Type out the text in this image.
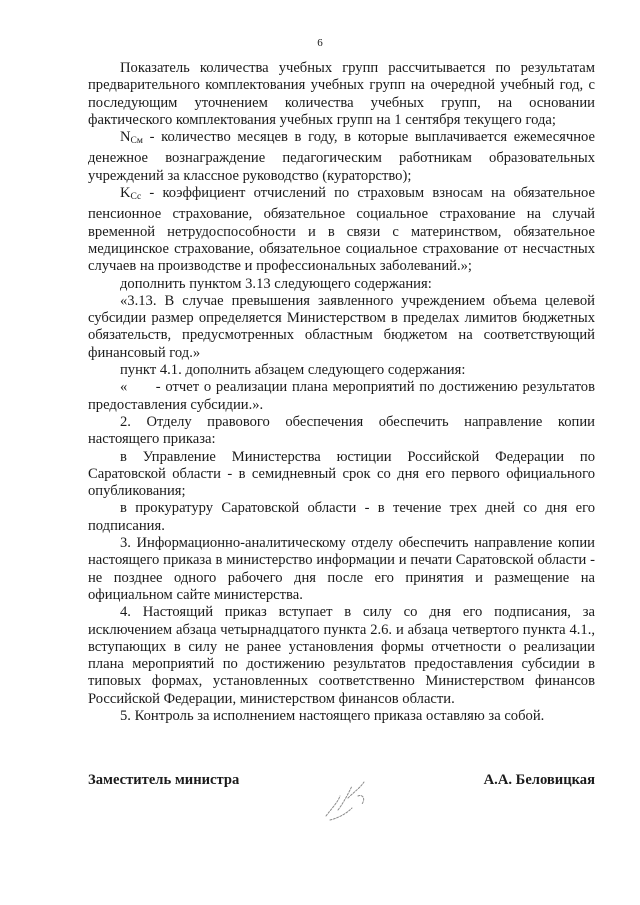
6

Показатель количества учебных групп рассчитывается по результатам предварительного комплектования учебных групп на очередной учебный год, с последующим уточнением количества учебных групп, на основании фактического комплектования учебных групп на 1 сентября текущего года;

$N_{См}$ - количество месяцев в году, в которые выплачивается ежемесячное денежное вознаграждение педагогическим работникам образовательных учреждений за классное руководство (кураторство);

$K_{Сс}$ - коэффициент отчислений по страховым взносам на обязательное пенсионное страхование, обязательное социальное страхование на случай временной нетрудоспособности и в связи с материнством, обязательное медицинское страхование, обязательное социальное страхование от несчастных случаев на производстве и профессиональных заболеваний.»;

дополнить пунктом 3.13 следующего содержания:

«3.13. В случае превышения заявленного учреждением объема целевой субсидии размер определяется Министерством в пределах лимитов бюджетных обязательств, предусмотренных областным бюджетом на соответствующий финансовый год.»

пункт 4.1. дополнить абзацем следующего содержания:

«      - отчет о реализации плана мероприятий по достижению результатов предоставления субсидии.».

2. Отделу правового обеспечения обеспечить направление копии настоящего приказа:

в Управление Министерства юстиции Российской Федерации по Саратовской области - в семидневный срок со дня его первого официального опубликования;

в прокуратуру Саратовской области - в течение трех дней со дня его подписания.

3. Информационно-аналитическому отделу обеспечить направление копии настоящего приказа в министерство информации и печати Саратовской области - не позднее одного рабочего дня после его принятия и размещение на официальном сайте министерства.

4. Настоящий приказ вступает в силу со дня его подписания, за исключением абзаца четырнадцатого пункта 2.6. и абзаца четвертого пункта 4.1., вступающих в силу не ранее установления формы отчетности о реализации плана мероприятий по достижению результатов предоставления субсидии в типовых формах, установленных соответственно Министерством финансов Российской Федерации, министерством финансов области.

5. Контроль за исполнением настоящего приказа оставляю за собой.

Заместитель министра	А.А. Беловицкая
